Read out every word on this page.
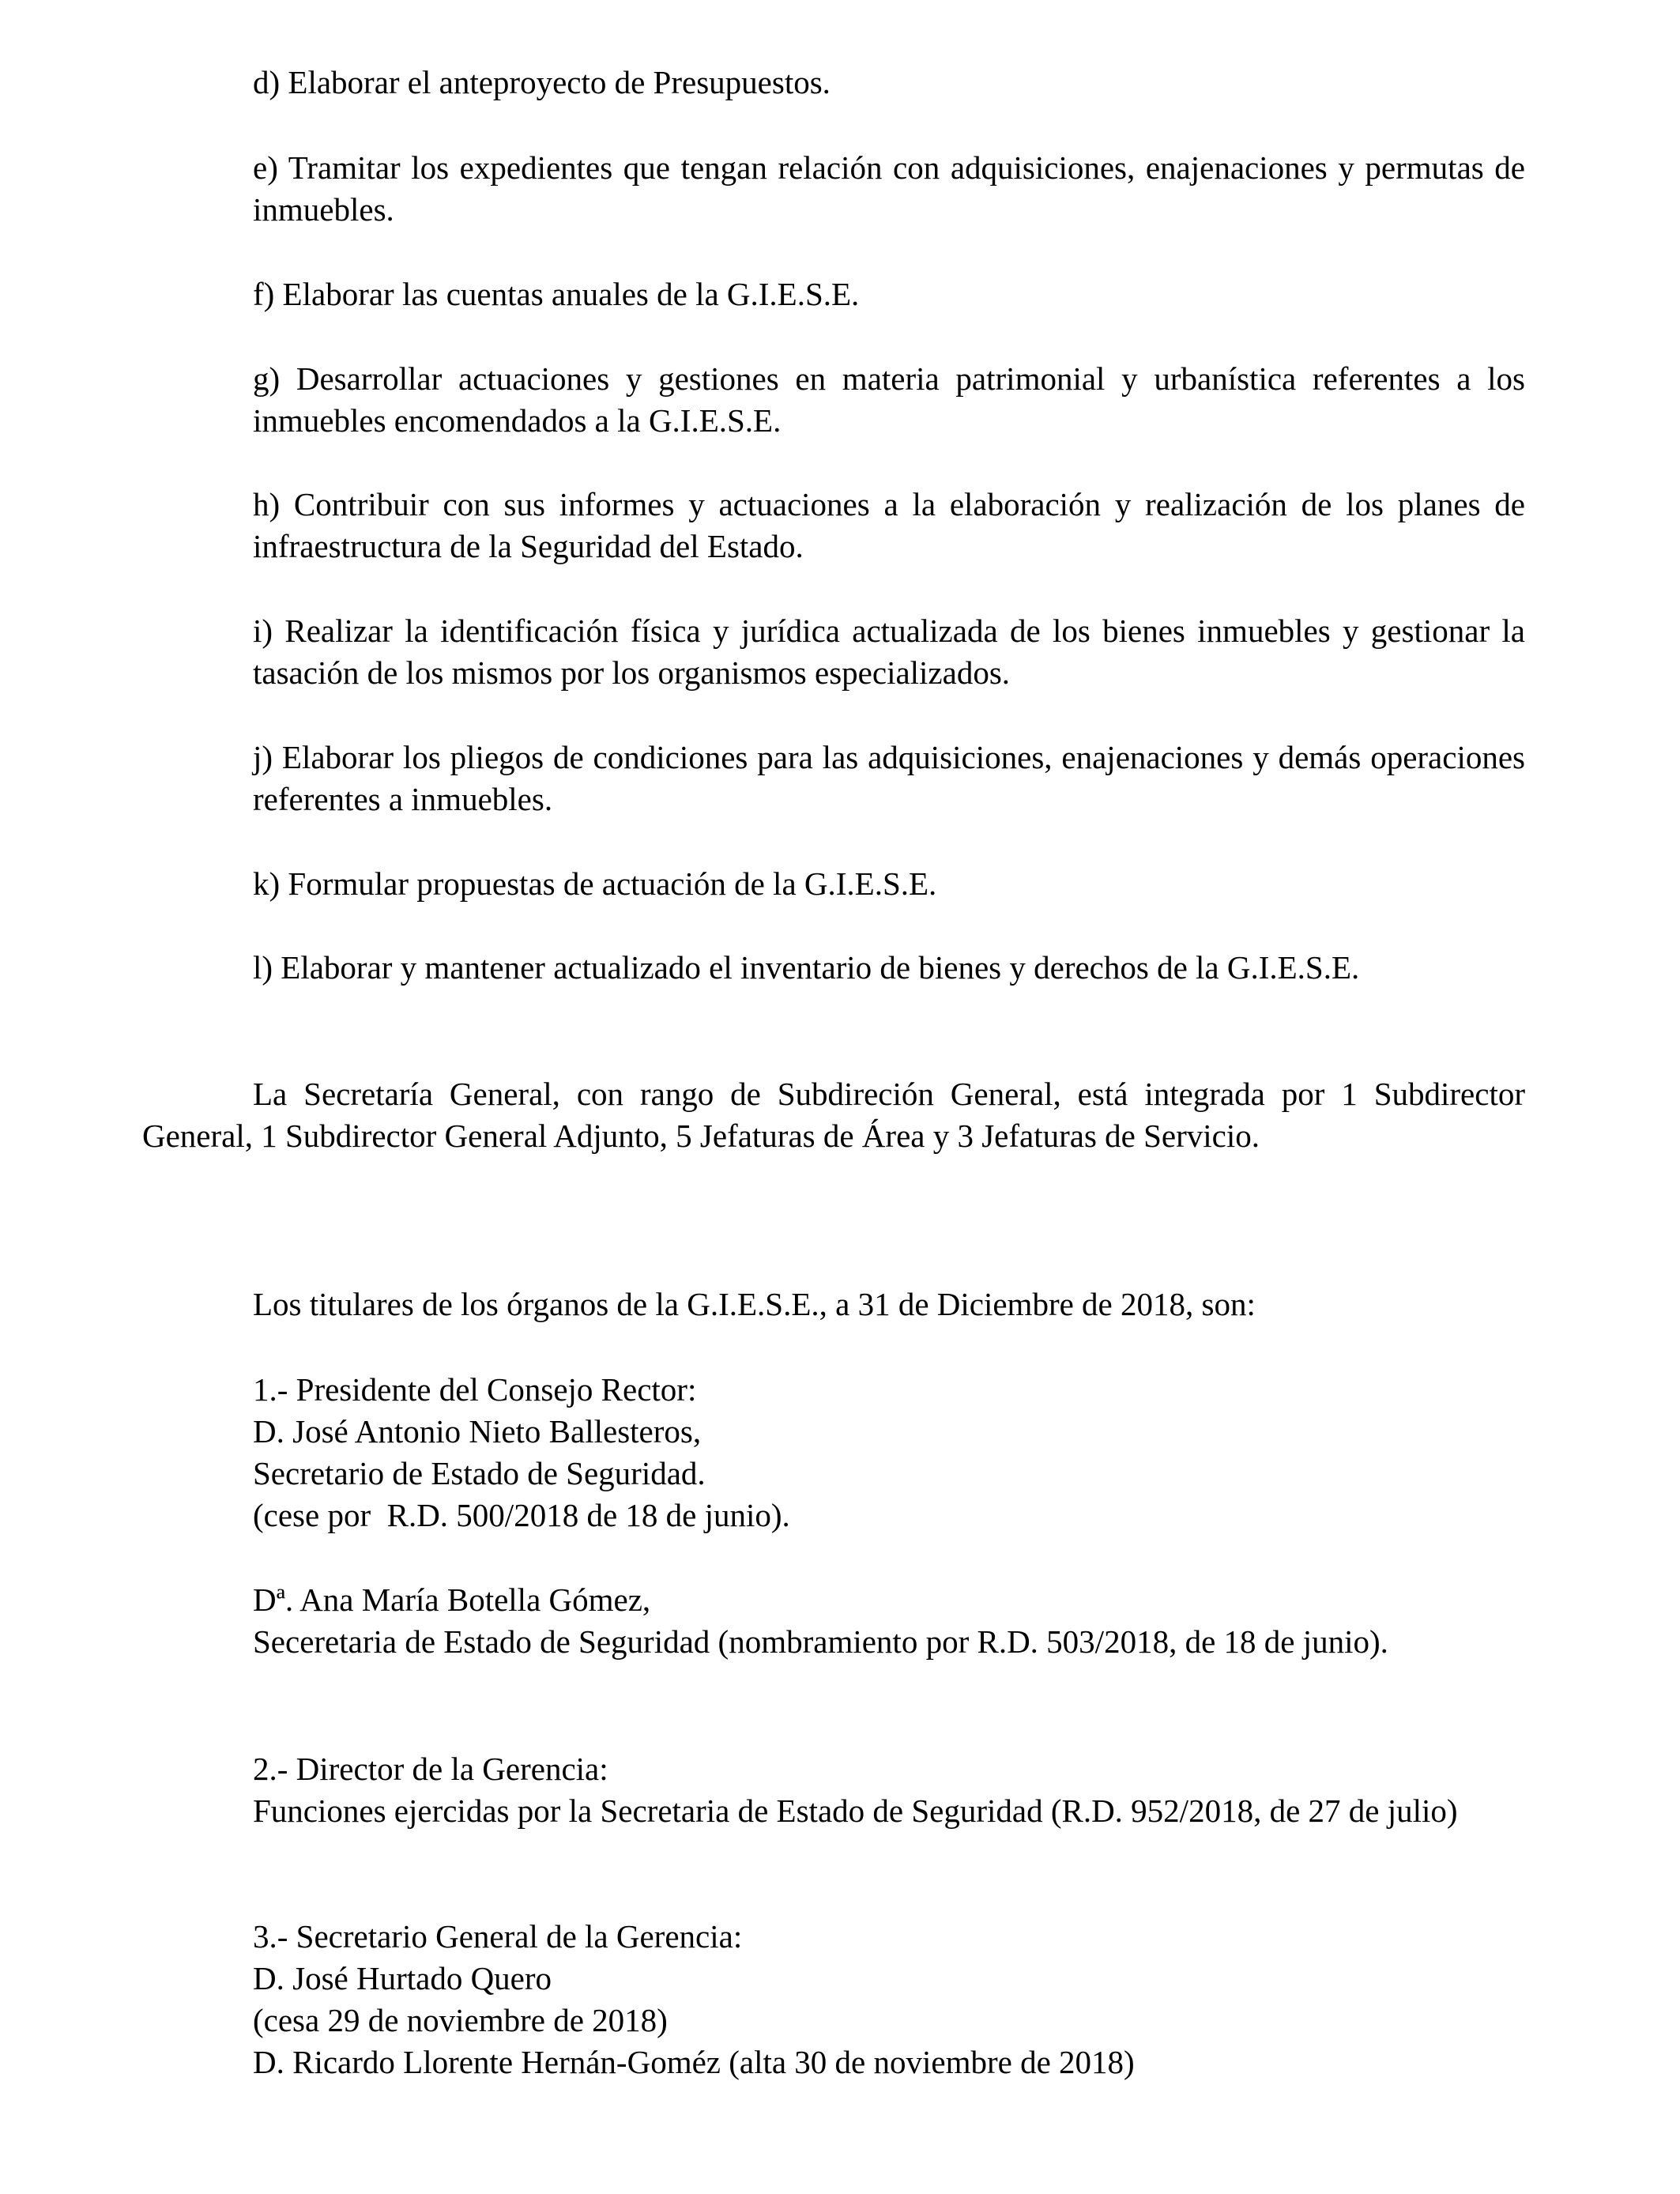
d) Elaborar el anteproyecto de Presupuestos.

e) Tramitar los expedientes que tengan relación con adquisiciones, enajenaciones y permutas de inmuebles.

f) Elaborar las cuentas anuales de la G.I.E.S.E.

g) Desarrollar actuaciones y gestiones en materia patrimonial y urbanística referentes a los inmuebles encomendados a la G.I.E.S.E.

h) Contribuir con sus informes y actuaciones a la elaboración y realización de los planes de infraestructura de la Seguridad del Estado.

i) Realizar la identificación física y jurídica actualizada de los bienes inmuebles y gestionar la tasación de los mismos por los organismos especializados.

j) Elaborar los pliegos de condiciones para las adquisiciones, enajenaciones y demás operaciones referentes a inmuebles.

k) Formular propuestas de actuación de la G.I.E.S.E.

l) Elaborar y mantener actualizado el inventario de bienes y derechos de la G.I.E.S.E.

La Secretaría General, con rango de Subdireción General, está integrada por 1 Subdirector General, 1 Subdirector General Adjunto, 5 Jefaturas de Área y 3 Jefaturas de Servicio.

Los titulares de los órganos de la G.I.E.S.E., a 31 de Diciembre de 2018, son:

1.- Presidente del Consejo Rector:
D. José Antonio Nieto Ballesteros,
Secretario de Estado de Seguridad.
(cese por  R.D. 500/2018 de 18 de junio).
Dª. Ana María Botella Gómez,
Seceretaria de Estado de Seguridad (nombramiento por R.D. 503/2018, de 18 de junio).
2.- Director de la Gerencia:
Funciones ejercidas por la Secretaria de Estado de Seguridad (R.D. 952/2018, de 27 de julio)
3.- Secretario General de la Gerencia:
D. José Hurtado Quero
(cesa 29 de noviembre de 2018)
D. Ricardo Llorente Hernán-Goméz (alta 30 de noviembre de 2018)
